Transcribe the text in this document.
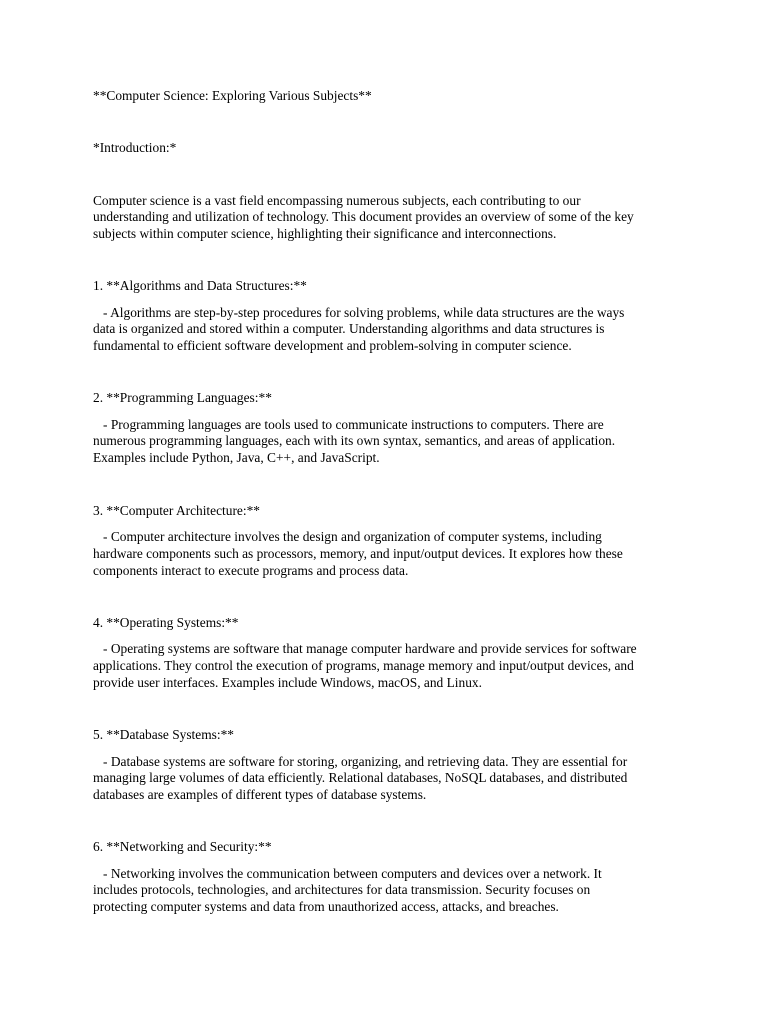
**Computer Science: Exploring Various Subjects**
*Introduction:*
Computer science is a vast field encompassing numerous subjects, each contributing to our
understanding and utilization of technology. This document provides an overview of some of the key
subjects within computer science, highlighting their significance and interconnections.
1. **Algorithms and Data Structures:**
- Algorithms are step-by-step procedures for solving problems, while data structures are the ways
data is organized and stored within a computer. Understanding algorithms and data structures is
fundamental to efficient software development and problem-solving in computer science.
2. **Programming Languages:**
- Programming languages are tools used to communicate instructions to computers. There are
numerous programming languages, each with its own syntax, semantics, and areas of application.
Examples include Python, Java, C++, and JavaScript.
3. **Computer Architecture:**
- Computer architecture involves the design and organization of computer systems, including
hardware components such as processors, memory, and input/output devices. It explores how these
components interact to execute programs and process data.
4. **Operating Systems:**
- Operating systems are software that manage computer hardware and provide services for software
applications. They control the execution of programs, manage memory and input/output devices, and
provide user interfaces. Examples include Windows, macOS, and Linux.
5. **Database Systems:**
- Database systems are software for storing, organizing, and retrieving data. They are essential for
managing large volumes of data efficiently. Relational databases, NoSQL databases, and distributed
databases are examples of different types of database systems.
6. **Networking and Security:**
- Networking involves the communication between computers and devices over a network. It
includes protocols, technologies, and architectures for data transmission. Security focuses on
protecting computer systems and data from unauthorized access, attacks, and breaches.
